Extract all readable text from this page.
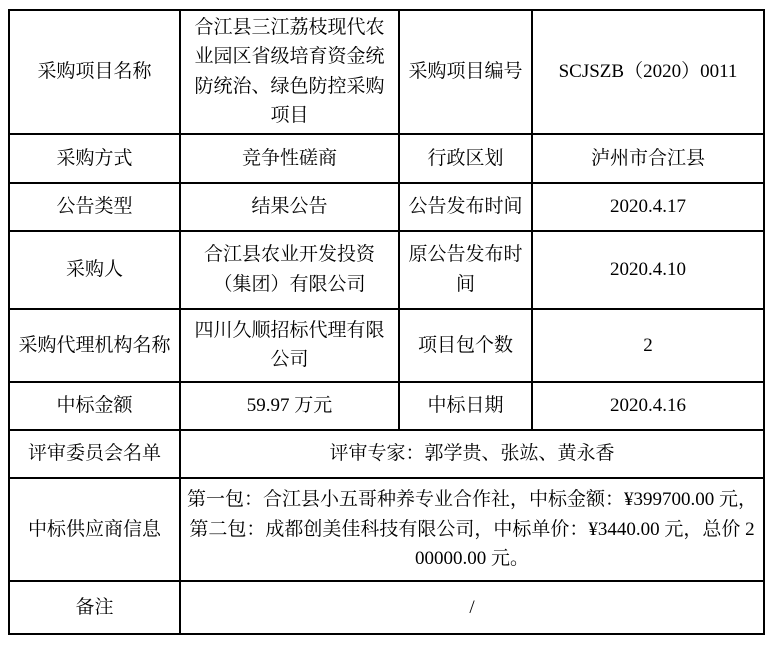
采购项目名称	合江县三江荔枝现代农业园区省级培育资金统防统治、绿色防控采购项目	采购项目编号	SCJSZB（2020）0011
采购方式	竞争性磋商	行政区划	泸州市合江县
公告类型	结果公告	公告发布时间	2020.4.17
采购人	合江县农业开发投资（集团）有限公司	原公告发布时间	2020.4.10
采购代理机构名称	四川久顺招标代理有限公司	项目包个数	2
中标金额	59.97 万元	中标日期	2020.4.16
评审委员会名单	评审专家：郭学贵、张竑、黄永香		
中标供应商信息	第一包：合江县小五哥种养专业合作社，中标金额：¥399700.00 元，第二包：成都创美佳科技有限公司，中标单价：¥3440.00 元，总价 200000.00 元。		
备注	/		
